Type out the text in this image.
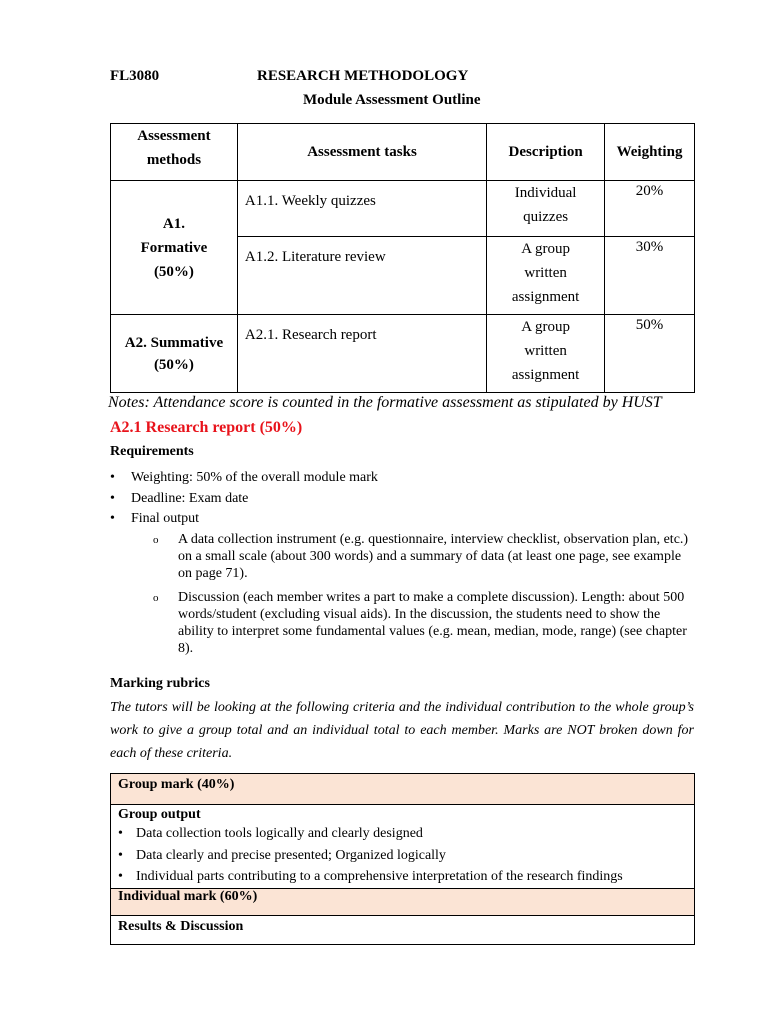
FL3080	RESEARCH METHODOLOGY
Module Assessment Outline
Assessment methods	Assessment tasks	Description	Weighting
A1. Formative (50%)	A1.1. Weekly quizzes	Individual quizzes	20%
	A1.2. Literature review	A group written assignment	30%
A2. Summative (50%)	A2.1. Research report	A group written assignment	50%
Notes: Attendance score is counted in the formative assessment as stipulated by HUST
A2.1 Research report (50%)
Requirements
• Weighting: 50% of the overall module mark
• Deadline: Exam date
• Final output
o A data collection instrument (e.g. questionnaire, interview checklist, observation plan, etc.) on a small scale (about 300 words) and a summary of data (at least one page, see example on page 71).
o Discussion (each member writes a part to make a complete discussion). Length: about 500 words/student (excluding visual aids). In the discussion, the students need to show the ability to interpret some fundamental values (e.g. mean, median, mode, range) (see chapter 8).
Marking rubrics
The tutors will be looking at the following criteria and the individual contribution to the whole group’s work to give a group total and an individual total to each member. Marks are NOT broken down for each of these criteria.
Group mark (40%)

Group output
• Data collection tools logically and clearly designed
• Data clearly and precise presented; Organized logically
• Individual parts contributing to a comprehensive interpretation of the research findings

Individual mark (60%)
Results & Discussion
